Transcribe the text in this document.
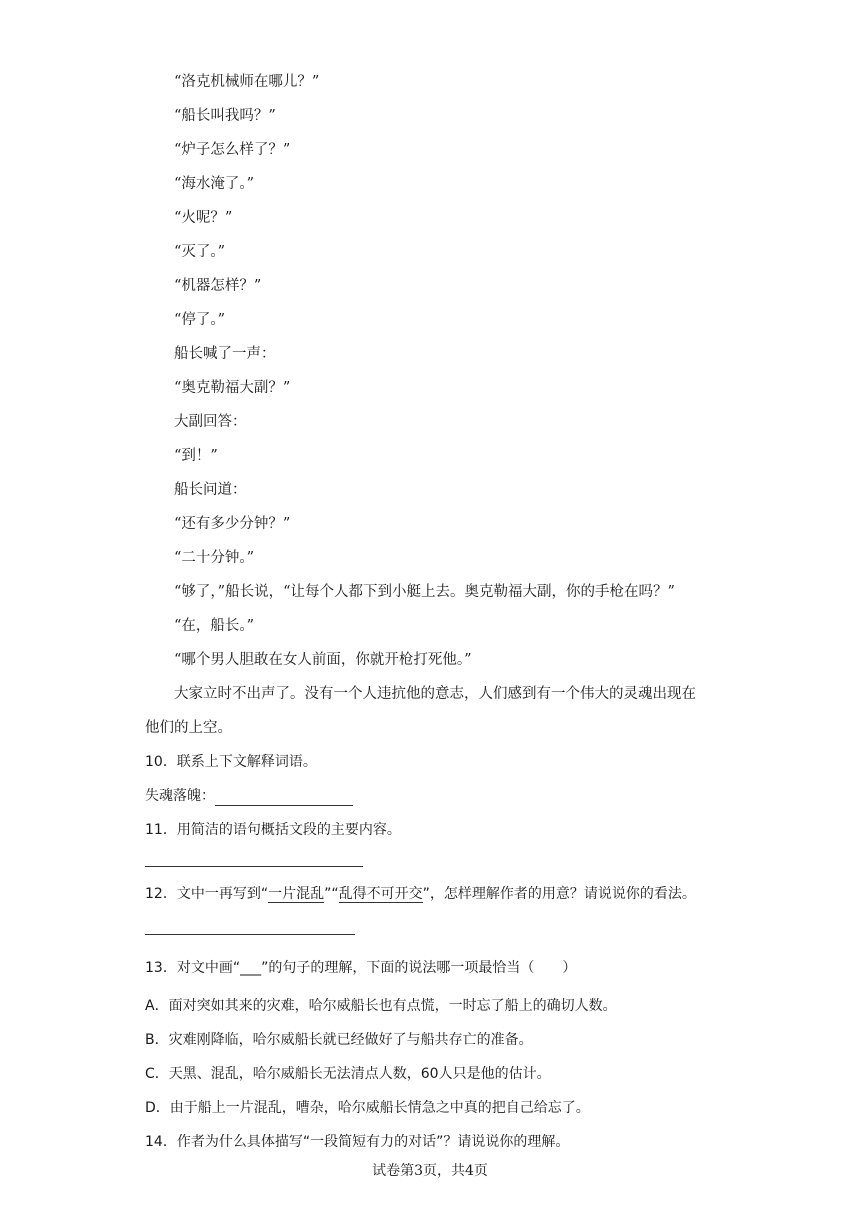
“洛克机械师在哪儿？”
“船长叫我吗？”
“炉子怎么样了？”
“海水淹了。”
“火呢？”
“灭了。”
“机器怎样？”
“停了。”
船长喊了一声：
“奥克勒福大副？”
大副回答：
“到！”
船长问道：
“还有多少分钟？”
“二十分钟。”
“够了，”船长说，“让每个人都下到小艇上去。奥克勒福大副，你的手枪在吗？”
“在，船长。”
“哪个男人胆敢在女人前面，你就开枪打死他。”
大家立时不出声了。没有一个人违抗他的意志，人们感到有一个伟大的灵魂出现在
他们的上空。
10．联系上下文解释词语。
失魂落魄：
11．用简洁的语句概括文段的主要内容。
12．文中一再写到“一片混乱”“乱得不可开交”，怎样理解作者的用意？请说说你的看法。
13．对文中画“___”的句子的理解，下面的说法哪一项最恰当（　　）
A．面对突如其来的灾难，哈尔威船长也有点慌，一时忘了船上的确切人数。
B．灾难刚降临，哈尔威船长就已经做好了与船共存亡的准备。
C．天黑、混乱，哈尔威船长无法清点人数，60人只是他的估计。
D．由于船上一片混乱，嘈杂，哈尔威船长情急之中真的把自己给忘了。
14．作者为什么具体描写“一段简短有力的对话”？请说说你的理解。
试卷第3页，共4页
